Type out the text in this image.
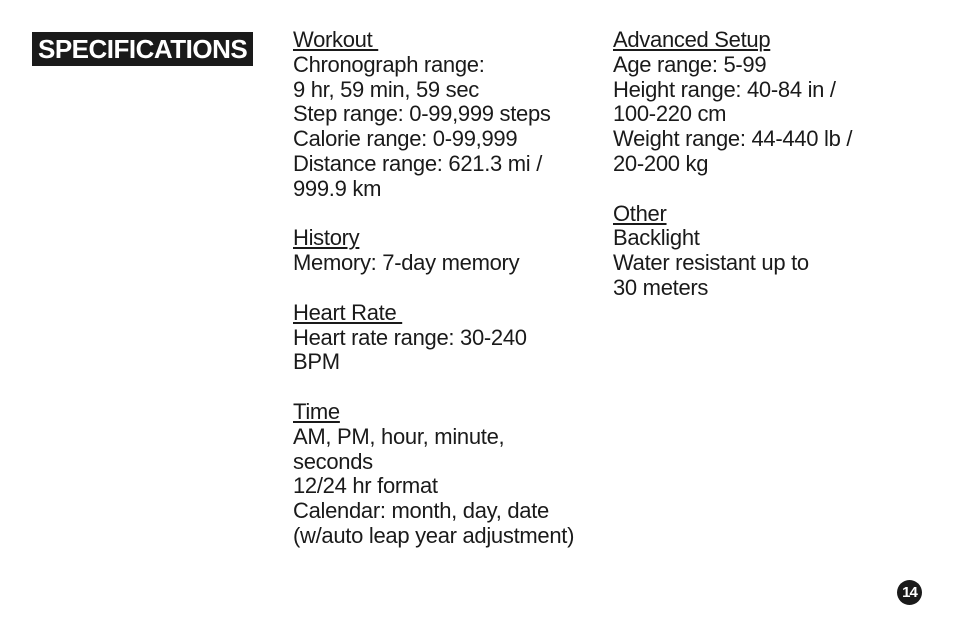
SPECIFICATIONS Workout
Chronograph range:
9 hr, 59 min, 59 sec
Step range: 0-99,999 steps
Calorie range: 0-99,999
Distance range: 621.3 mi /
999.9 km
History
Memory: 7-day memory
Heart Rate
Heart rate range: 30-240
BPM
Time
AM, PM, hour, minute,
seconds
12/24 hr format
Calendar: month, day, date
(w/auto leap year adjustment)
Advanced Setup
Age range: 5-99
Height range: 40-84 in /
100-220 cm
Weight range: 44-440 lb /
20-200 kg
Other
Backlight
Water resistant up to
30 meters
14
